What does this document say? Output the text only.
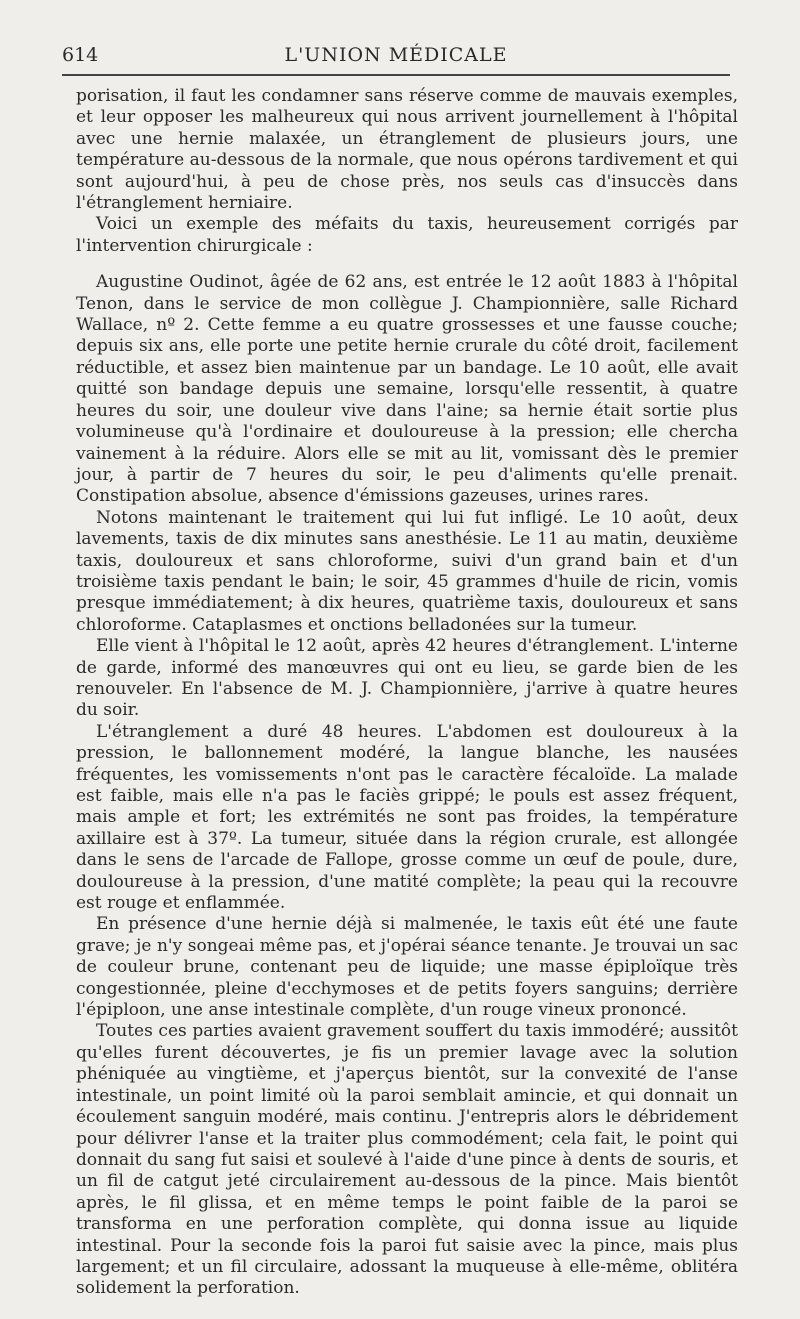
614	L'UNION MÉDICALE

porisation, il faut les condamner sans réserve comme de mauvais exemples, et leur opposer les malheureux qui nous arrivent journellement à l'hôpital avec une hernie malaxée, un étranglement de plusieurs jours, une température au-dessous de la normale, que nous opérons tardivement et qui sont aujourd'hui, à peu de chose près, nos seuls cas d'insuccès dans l'étranglement herniaire.

Voici un exemple des méfaits du taxis, heureusement corrigés par l'intervention chirurgicale :

Augustine Oudinot, âgée de 62 ans, est entrée le 12 août 1883 à l'hôpital Tenon, dans le service de mon collègue J. Championnière, salle Richard Wallace, nº 2. Cette femme a eu quatre grossesses et une fausse couche; depuis six ans, elle porte une petite hernie crurale du côté droit, facilement réductible, et assez bien maintenue par un bandage. Le 10 août, elle avait quitté son bandage depuis une semaine, lorsqu'elle ressentit, à quatre heures du soir, une douleur vive dans l'aine; sa hernie était sortie plus volumineuse qu'à l'ordinaire et douloureuse à la pression; elle chercha vainement à la réduire. Alors elle se mit au lit, vomissant dès le premier jour, à partir de 7 heures du soir, le peu d'aliments qu'elle prenait. Constipation absolue, absence d'émissions gazeuses, urines rares.

Notons maintenant le traitement qui lui fut infligé. Le 10 août, deux lavements, taxis de dix minutes sans anesthésie. Le 11 au matin, deuxième taxis, douloureux et sans chloroforme, suivi d'un grand bain et d'un troisième taxis pendant le bain; le soir, 45 grammes d'huile de ricin, vomis presque immédiatement; à dix heures, quatrième taxis, douloureux et sans chloroforme. Cataplasmes et onctions belladonées sur la tumeur.

Elle vient à l'hôpital le 12 août, après 42 heures d'étranglement. L'interne de garde, informé des manœuvres qui ont eu lieu, se garde bien de les renouveler. En l'absence de M. J. Championnière, j'arrive à quatre heures du soir.

L'étranglement a duré 48 heures. L'abdomen est douloureux à la pression, le ballonnement modéré, la langue blanche, les nausées fréquentes, les vomissements n'ont pas le caractère fécaloïde. La malade est faible, mais elle n'a pas le faciès grippé; le pouls est assez fréquent, mais ample et fort; les extrémités ne sont pas froides, la température axillaire est à 37º. La tumeur, située dans la région crurale, est allongée dans le sens de l'arcade de Fallope, grosse comme un œuf de poule, dure, douloureuse à la pression, d'une matité complète; la peau qui la recouvre est rouge et enflammée.

En présence d'une hernie déjà si malmenée, le taxis eût été une faute grave; je n'y songeai même pas, et j'opérai séance tenante. Je trouvai un sac de couleur brune, contenant peu de liquide; une masse épiploïque très congestionnée, pleine d'ecchymoses et de petits foyers sanguins; derrière l'épiploon, une anse intestinale complète, d'un rouge vineux prononcé.

Toutes ces parties avaient gravement souffert du taxis immodéré; aussitôt qu'elles furent découvertes, je fis un premier lavage avec la solution phéniquée au vingtième, et j'aperçus bientôt, sur la convexité de l'anse intestinale, un point limité où la paroi semblait amincie, et qui donnait un écoulement sanguin modéré, mais continu. J'entrepris alors le débridement pour délivrer l'anse et la traiter plus commodément; cela fait, le point qui donnait du sang fut saisi et soulevé à l'aide d'une pince à dents de souris, et un fil de catgut jeté circulairement au-dessous de la pince. Mais bientôt après, le fil glissa, et en même temps le point faible de la paroi se transforma en une perforation complète, qui donna issue au liquide intestinal. Pour la seconde fois la paroi fut saisie avec la pince, mais plus largement; et un fil circulaire, adossant la muqueuse à elle-même, oblitéra solidement la perforation.
